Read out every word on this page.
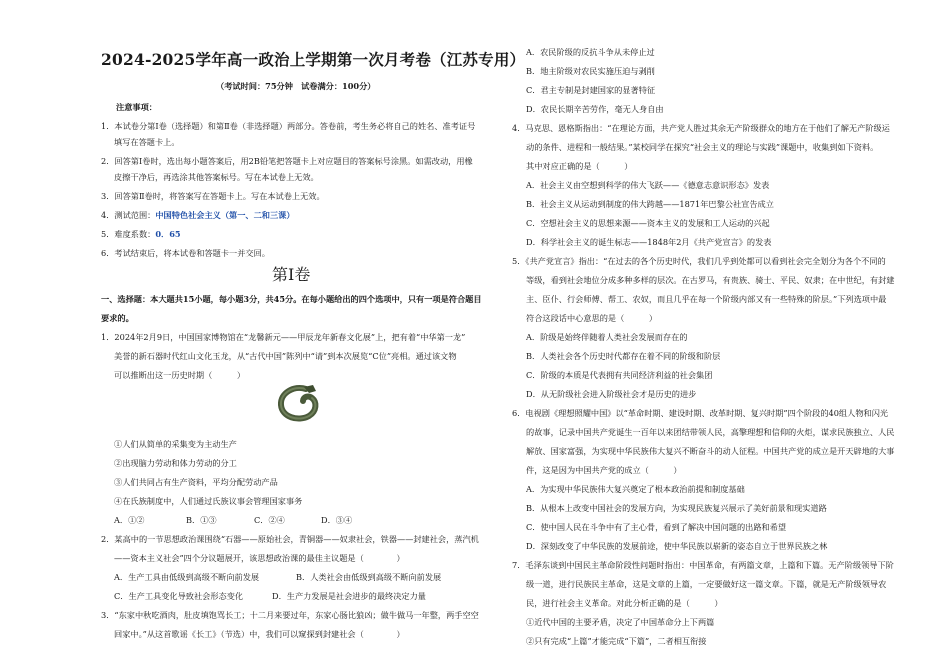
2024-2025学年高一政治上学期第一次月考卷（江苏专用）
（考试时间：75分钟　试卷满分：100分）
注意事项：
1．本试卷分第Ⅰ卷（选择题）和第Ⅱ卷（非选择题）两部分。答卷前，考生务必将自己的姓名、准考证号
填写在答题卡上。
2．回答第Ⅰ卷时，选出每小题答案后，用2B铅笔把答题卡上对应题目的答案标号涂黑。如需改动，用橡
皮擦干净后，再选涂其他答案标号。写在本试卷上无效。
3．回答第Ⅱ卷时，将答案写在答题卡上。写在本试卷上无效。
4．测试范围：中国特色社会主义（第一、二和三课）
5．难度系数：0．65
6．考试结束后，将本试卷和答题卡一并交回。
第Ⅰ卷
一、选择题：本大题共15小题，每小题3分，共45分。在每小题给出的四个选项中，只有一项是符合题目
要求的。
1．2024年2月9日，中国国家博物馆在“龙馨新元——甲辰龙年新春文化展”上，把有着“中华第一龙”
美誉的新石器时代红山文化玉龙，从“古代中国”陈列中“请”到本次展览“C位”亮相。通过该文物
可以推断出这一历史时期（　　　）
①人们从简单的采集变为主动生产
②出现脑力劳动和体力劳动的分工
③人们共同占有生产资料，平均分配劳动产品
④在氏族制度中，人们通过氏族议事会管理国家事务
A．①②	B．①③	C．②④	D．③④
2．某高中的一节思想政治课围绕“石器——原始社会，青铜器——奴隶社会，铁器——封建社会，蒸汽机
——资本主义社会”四个分议题展开，该思想政治课的最佳主议题是（　　　　）
A．生产工具由低级到高级不断向前发展	B．人类社会由低级到高级不断向前发展
C．生产工具变化导致社会形态变化	D．生产力发展是社会进步的最终决定力量
3．“东家中秋吃酒肉，肚皮填饱骂长工；十二月来要过年，东家心肠比狼凶；做牛做马一年整，两手空空
回家中。”从这首歌谣《长工》（节选）中，我们可以窥探到封建社会（　　　　）
A．农民阶级的反抗斗争从未停止过
B．地主阶级对农民实施压迫与剥削
C．君主专制是封建国家的显著特征
D．农民长期辛苦劳作，毫无人身自由
4．马克思、恩格斯指出：“在理论方面，共产党人胜过其余无产阶级群众的地方在于他们了解无产阶级运
动的条件、进程和一般结果。”某校同学在探究“社会主义的理论与实践”课题中，收集到如下资料。
其中对应正确的是（　　　）
A．社会主义由空想到科学的伟大飞跃——《德意志意识形态》发表
B．社会主义从运动到制度的伟大跨越——1871年巴黎公社宣告成立
C．空想社会主义的思想来源——资本主义的发展和工人运动的兴起
D．科学社会主义的诞生标志——1848年2月《共产党宣言》的发表
5．《共产党宣言》指出：“在过去的各个历史时代，我们几乎到处都可以看到社会完全划分为各个不同的
等级，看到社会地位分成多种多样的层次。在古罗马，有贵族、骑士、平民、奴隶；在中世纪，有封建
主、臣仆、行会师傅、帮工、农奴，而且几乎在每一个阶级内部又有一些特殊的阶层。”下列选项中最
符合这段话中心意思的是（　　　）
A．阶级是始终伴随着人类社会发展而存在的
B．人类社会各个历史时代都存在着不同的阶级和阶层
C．阶级的本质是代表拥有共同经济利益的社会集团
D．从无阶级社会进入阶级社会才是历史的进步
6．电视剧《理想照耀中国》以“革命时期、建设时期、改革时期、复兴时期”四个阶段的40组人物和闪光
的故事，记录中国共产党诞生一百年以来团结带领人民，高擎理想和信仰的火炬，谋求民族独立、人民
解放、国家富强，为实现中华民族伟大复兴不断奋斗的动人征程。中国共产党的成立是开天辟地的大事
件，这是因为中国共产党的成立（　　　）
A．为实现中华民族伟大复兴奠定了根本政治前提和制度基础
B．从根本上改变中国社会的发展方向，为实现民族复兴展示了美好前景和现实道路
C．使中国人民在斗争中有了主心骨，看到了解决中国问题的出路和希望
D．深刻改变了中华民族的发展前途，使中华民族以崭新的姿态自立于世界民族之林
7．毛泽东谈到中国民主革命阶段性问题时指出：中国革命，有两篇文章，上篇和下篇。无产阶级领导下阶
级一道，进行民族民主革命，这是文章的上篇，一定要做好这一篇文章。下篇，就是无产阶级领导农
民，进行社会主义革命。对此分析正确的是（　　　）
①近代中国的主要矛盾，决定了中国革命分上下两篇
②只有完成“上篇”才能完成“下篇”，二者相互衔接
